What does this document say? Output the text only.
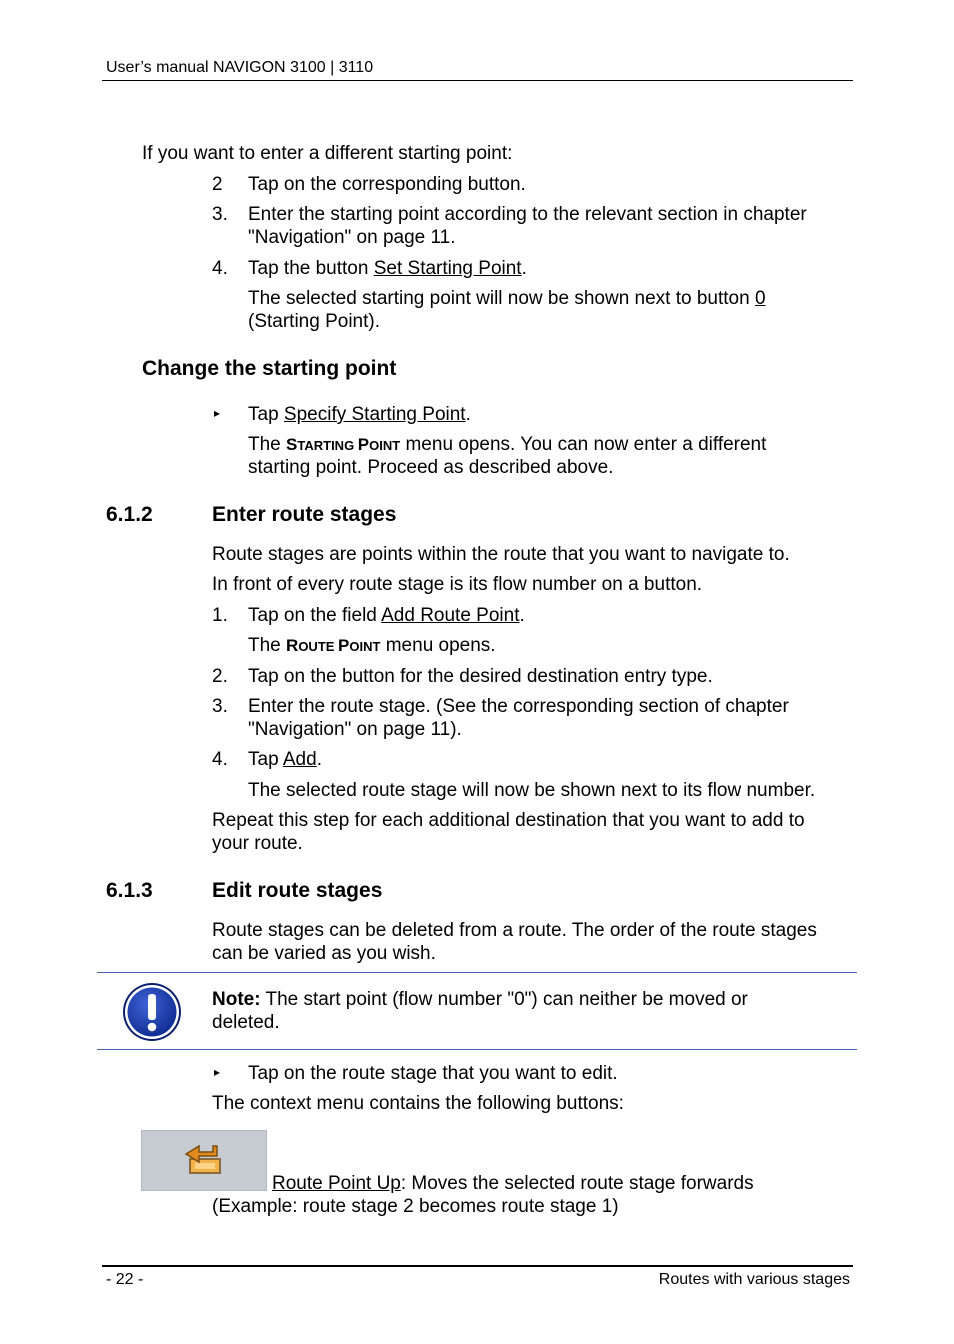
User’s manual NAVIGON 3100 | 3110
If you want to enter a different starting point:
2 Tap on the corresponding button.
3. Enter the starting point according to the relevant section in chapter
"Navigation" on page 11.
4. Tap the button Set Starting Point.
The selected starting point will now be shown next to button 0
(Starting Point).
Change the starting point
▸ Tap Specify Starting Point.
The STARTING POINT menu opens. You can now enter a different
starting point. Proceed as described above.
6.1.2	Enter route stages
Route stages are points within the route that you want to navigate to.
In front of every route stage is its flow number on a button.
1. Tap on the field Add Route Point.
The ROUTE POINT menu opens.
2. Tap on the button for the desired destination entry type.
3. Enter the route stage. (See the corresponding section of chapter
"Navigation" on page 11).
4. Tap Add.
The selected route stage will now be shown next to its flow number.
Repeat this step for each additional destination that you want to add to
your route.
6.1.3	Edit route stages
Route stages can be deleted from a route. The order of the route stages
can be varied as you wish.
Note: The start point (flow number "0") can neither be moved or
deleted.
▸ Tap on the route stage that you want to edit.
The context menu contains the following buttons:
Route Point Up: Moves the selected route stage forwards
(Example: route stage 2 becomes route stage 1)
- 22 -	Routes with various stages
